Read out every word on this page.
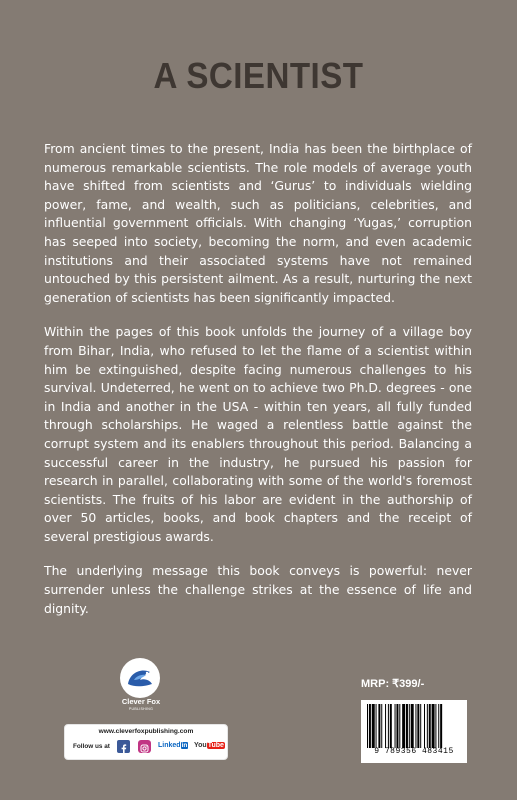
A SCIENTIST

From ancient times to the present, India has been the birthplace of numerous remarkable scientists. The role models of average youth have shifted from scientists and ‘Gurus’ to individuals wielding power, fame, and wealth, such as politicians, celebrities, and influential government officials. With changing ‘Yugas,’ corruption has seeped into society, becoming the norm, and even academic institutions and their associated systems have not remained untouched by this persistent ailment. As a result, nurturing the next generation of scientists has been significantly impacted.

Within the pages of this book unfolds the journey of a village boy from Bihar, India, who refused to let the flame of a scientist within him be extinguished, despite facing numerous challenges to his survival. Undeterred, he went on to achieve two Ph.D. degrees - one in India and another in the USA - within ten years, all fully funded through scholarships. He waged a relentless battle against the corrupt system and its enablers throughout this period. Balancing a successful career in the industry, he pursued his passion for research in parallel, collaborating with some of the world's foremost scientists. The fruits of his labor are evident in the authorship of over 50 articles, books, and book chapters and the receipt of several prestigious awards.

The underlying message this book conveys is powerful: never surrender unless the challenge strikes at the essence of life and dignity.

Clever Fox
PUBLISHING
www.cleverfoxpublishing.com
Follow us at	Linkedin YouTube
MRP: ₹399/-
9 789356 483415
